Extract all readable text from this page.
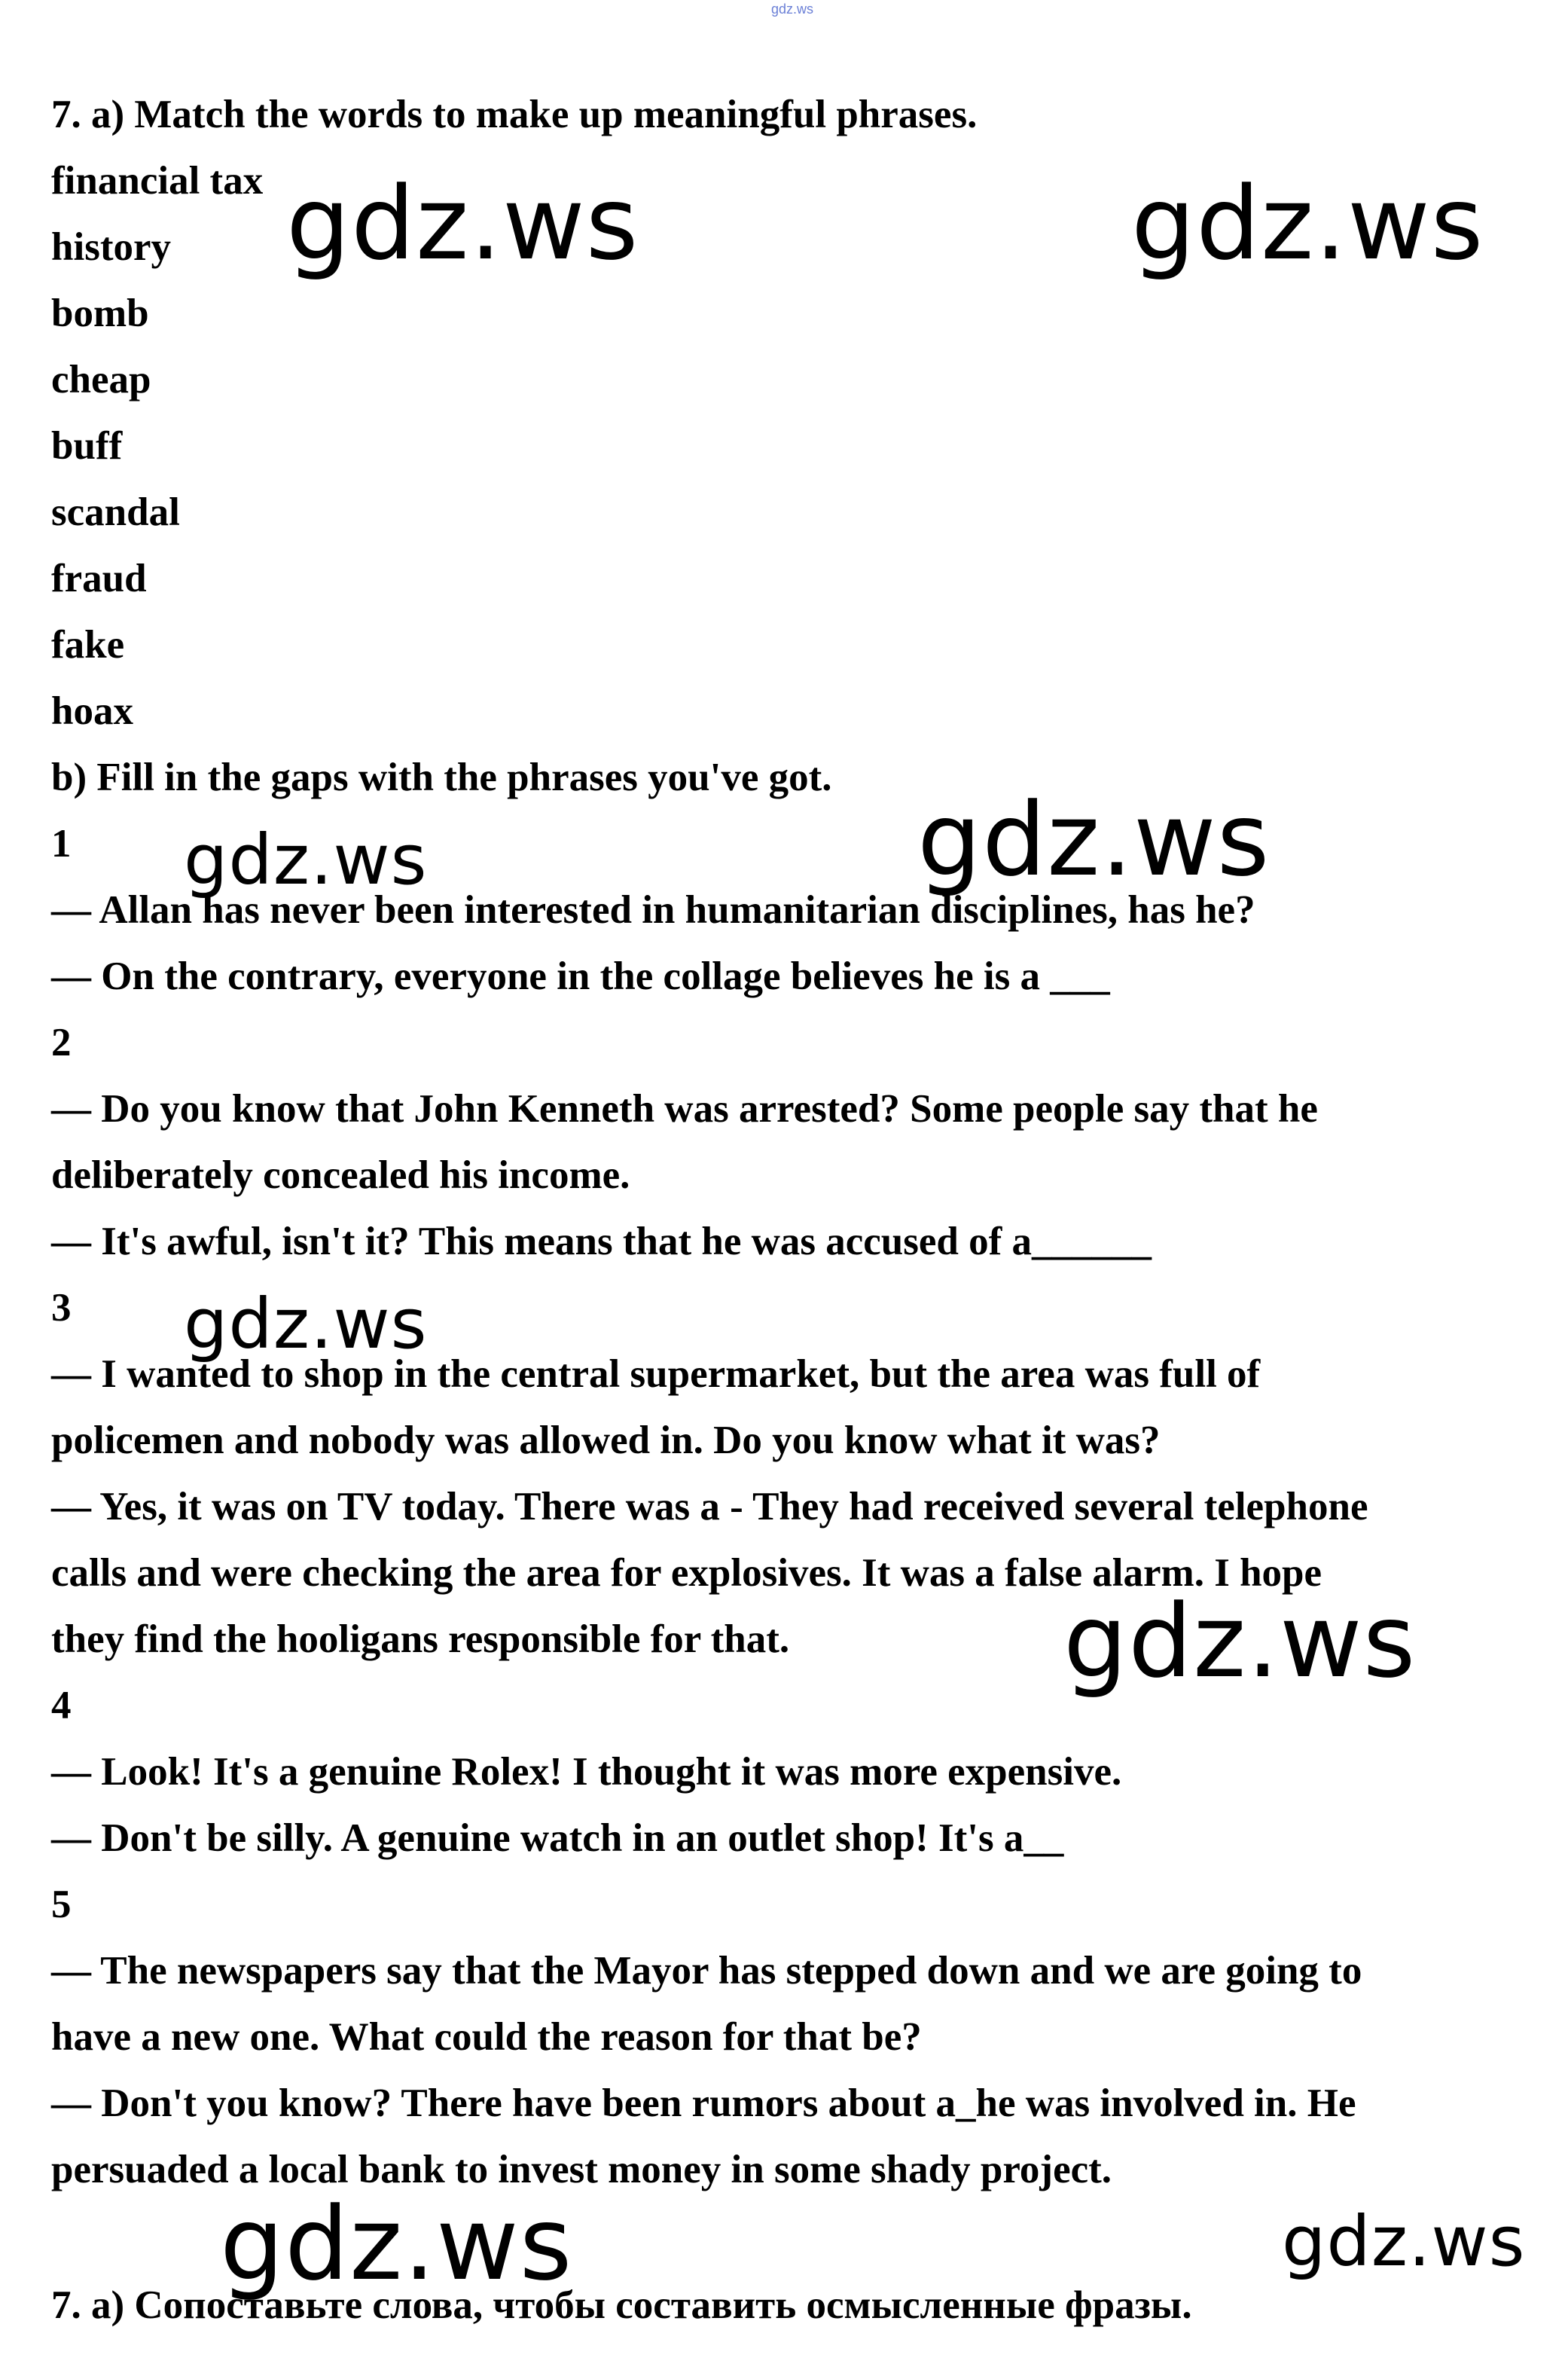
gdz.ws
7. a) Match the words to make up meaningful phrases.
financial tax
history
bomb
cheap
buff
scandal
fraud
fake
hoax
b) Fill in the gaps with the phrases you've got.
1
— Allan has never been interested in humanitarian disciplines, has he?
— On the contrary, everyone in the collage believes he is a ___
2
— Do you know that John Kenneth was arrested? Some people say that he
deliberately concealed his income.
— It's awful, isn't it? This means that he was accused of a______
3
— I wanted to shop in the central supermarket, but the area was full of
policemen and nobody was allowed in. Do you know what it was?
— Yes, it was on TV today. There was a - They had received several telephone
calls and were checking the area for explosives. It was a false alarm. I hope
they find the hooligans responsible for that.
4
— Look! It's a genuine Rolex! I thought it was more expensive.
— Don't be silly. A genuine watch in an outlet shop! It's a__
5
— The newspapers say that the Mayor has stepped down and we are going to
have a new one. What could the reason for that be?
— Don't you know? There have been rumors about a_he was involved in. He
persuaded a local bank to invest money in some shady project.
7. а) Сопоставьте слова, чтобы составить осмысленные фразы.
gdz.ws	gdz.ws
gdz.ws	gdz.ws
gdz.ws
gdz.ws
gdz.ws	gdz.ws
